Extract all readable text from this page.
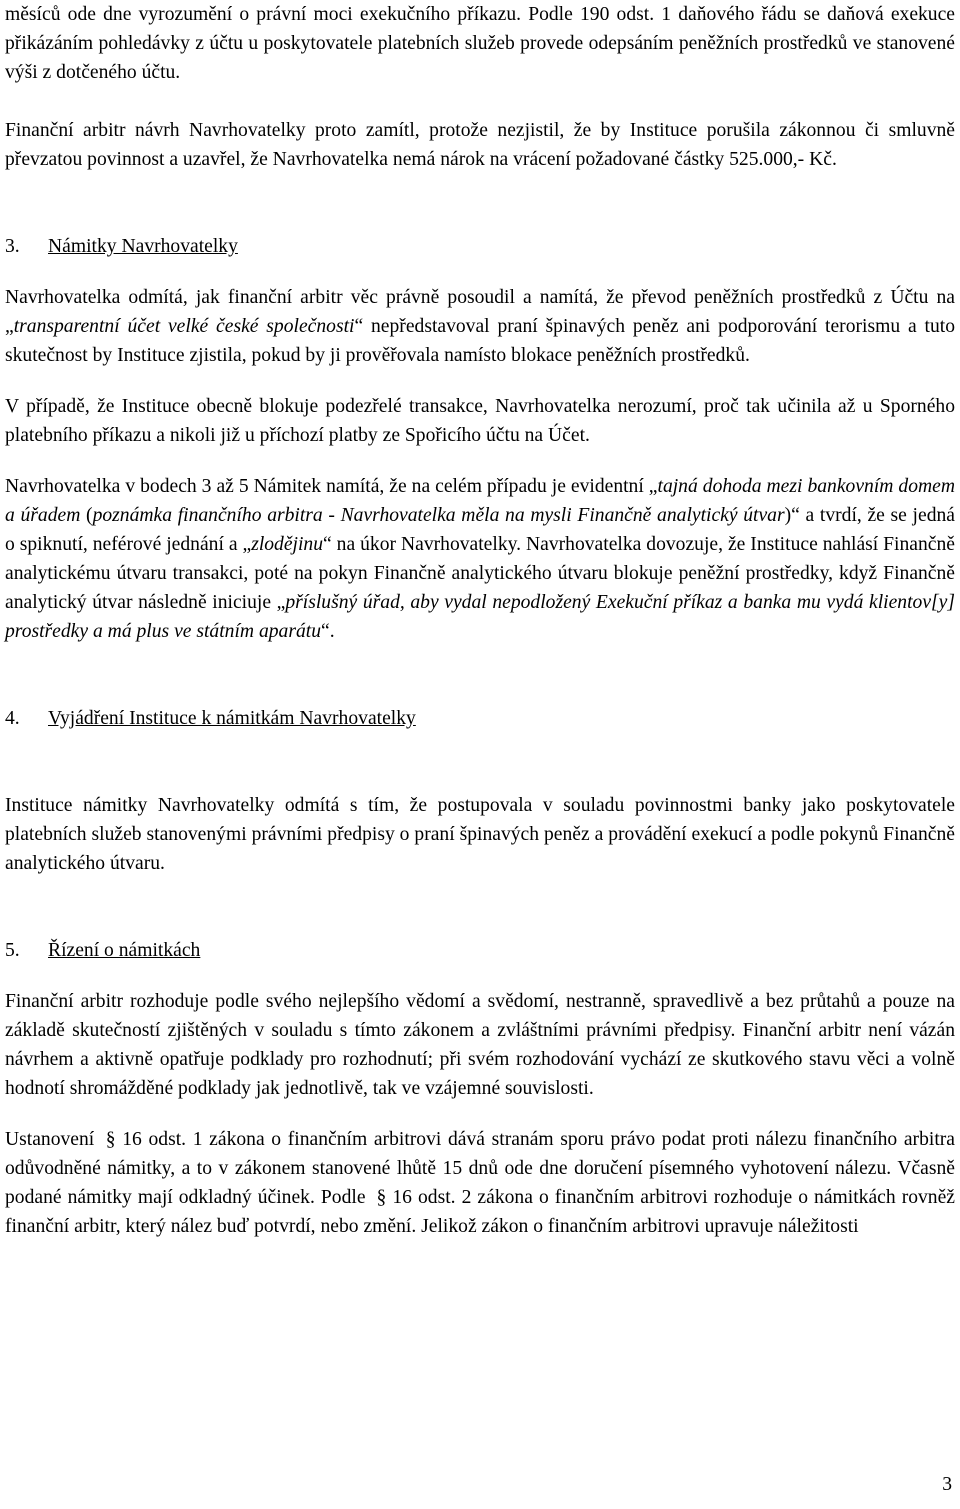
měsíců ode dne vyrozumění o právní moci exekučního příkazu. Podle 190 odst. 1 daňového řádu se daňová exekuce přikázáním pohledávky z účtu u poskytovatele platebních služeb provede odepsáním peněžních prostředků ve stanovené výši z dotčeného účtu.

Finanční arbitr návrh Navrhovatelky proto zamítl, protože nezjistil, že by Instituce porušila zákonnou či smluvně převzatou povinnost a uzavřel, že Navrhovatelka nemá nárok na vrácení požadované částky 525.000,- Kč.

3. Námitky Navrhovatelky

Navrhovatelka odmítá, jak finanční arbitr věc právně posoudil a namítá, že převod peněžních prostředků z Účtu na „transparentní účet velké české společnosti“ nepředstavoval praní špinavých peněz ani podporování terorismu a tuto skutečnost by Instituce zjistila, pokud by ji prověřovala namísto blokace peněžních prostředků.

V případě, že Instituce obecně blokuje podezřelé transakce, Navrhovatelka nerozumí, proč tak učinila až u Sporného platebního příkazu a nikoli již u příchozí platby ze Spořicího účtu na Účet.

Navrhovatelka v bodech 3 až 5 Námitek namítá, že na celém případu je evidentní „tajná dohoda mezi bankovním domem a úřadem (poznámka finančního arbitra - Navrhovatelka měla na mysli Finančně analytický útvar)“ a tvrdí, že se jedná o spiknutí, neférové jednání a „zlodějinu“ na úkor Navrhovatelky. Navrhovatelka dovozuje, že Instituce nahlásí Finančně analytickému útvaru transakci, poté na pokyn Finančně analytického útvaru blokuje peněžní prostředky, když Finančně analytický útvar následně iniciuje „příslušný úřad, aby vydal nepodložený Exekuční příkaz a banka mu vydá klientov[y] prostředky a má plus ve státním aparátu“.

4. Vyjádření Instituce k námitkám Navrhovatelky

Instituce námitky Navrhovatelky odmítá s tím, že postupovala v souladu povinnostmi banky jako poskytovatele platebních služeb stanovenými právními předpisy o praní špinavých peněz a provádění exekucí a podle pokynů Finančně analytického útvaru.

5. Řízení o námitkách

Finanční arbitr rozhoduje podle svého nejlepšího vědomí a svědomí, nestranně, spravedlivě a bez průtahů a pouze na základě skutečností zjištěných v souladu s tímto zákonem a zvláštními právními předpisy. Finanční arbitr není vázán návrhem a aktivně opatřuje podklady pro rozhodnutí; při svém rozhodování vychází ze skutkového stavu věci a volně hodnotí shromážděné podklady jak jednotlivě, tak ve vzájemné souvislosti.

Ustanovení § 16 odst. 1 zákona o finančním arbitrovi dává stranám sporu právo podat proti nálezu finančního arbitra odůvodněné námitky, a to v zákonem stanovené lhůtě 15 dnů ode dne doručení písemného vyhotovení nálezu. Včasně podané námitky mají odkladný účinek. Podle § 16 odst. 2 zákona o finančním arbitrovi rozhoduje o námitkách rovněž finanční arbitr, který nález buď potvrdí, nebo změní. Jelikož zákon o finančním arbitrovi upravuje náležitosti

3
